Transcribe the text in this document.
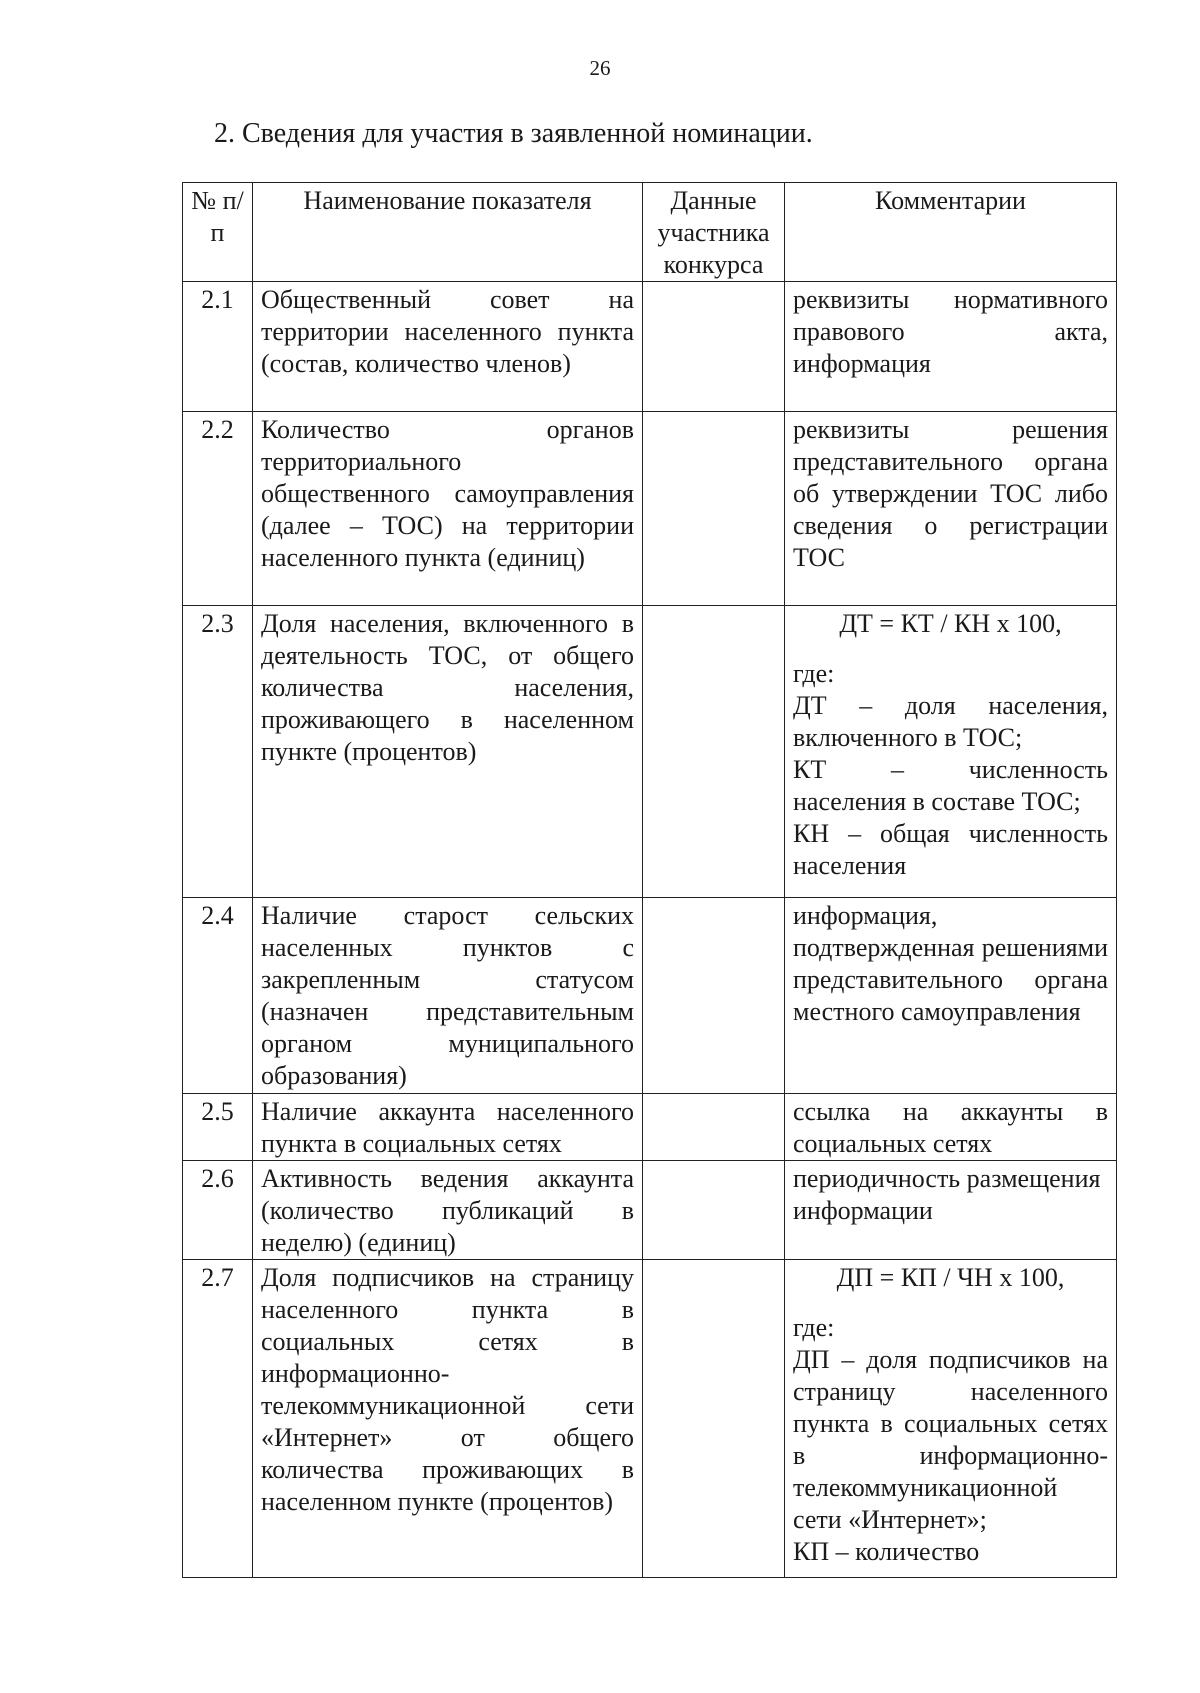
26
2. Сведения для участия в заявленной номинации.
№ п/п	Наименование показателя	Данные участника конкурса	Комментарии
2.1	Общественный совет на территории населенного пункта (состав, количество членов)		реквизиты нормативного правового акта, информация
2.2	Количество органов территориального общественного самоуправления (далее – ТОС) на территории населенного пункта (единиц)		реквизиты решения представительного органа об утверждении ТОС либо сведения о регистрации ТОС
2.3	Доля населения, включенного в деятельность ТОС, от общего количества населения, проживающего в населенном пункте (процентов)		ДТ = КТ / КН х 100,
где:
ДТ – доля населения, включенного в ТОС;
КТ – численность населения в составе ТОС;
КН – общая численность населения

2.4	Наличие старост сельских населенных пунктов с закрепленным статусом (назначен представительным органом муниципального образования)		информация, подтвержденная решениями представительного органа местного самоуправления
2.5	Наличие аккаунта населенного пункта в социальных сетях		ссылка на аккаунты в социальных сетях
2.6	Активность ведения аккаунта (количество публикаций в неделю) (единиц)		периодичность размещения информации
2.7	Доля подписчиков на страницу населенного пункта в социальных сетях в информационно-телекоммуникационной сети «Интернет» от общего количества проживающих в населенном пункте (процентов)		ДП = КП / ЧН х 100,
где:
ДП – доля подписчиков на страницу населенного пункта в социальных сетях в информационно-телекоммуникационной сети «Интернет»;
КП – количество
